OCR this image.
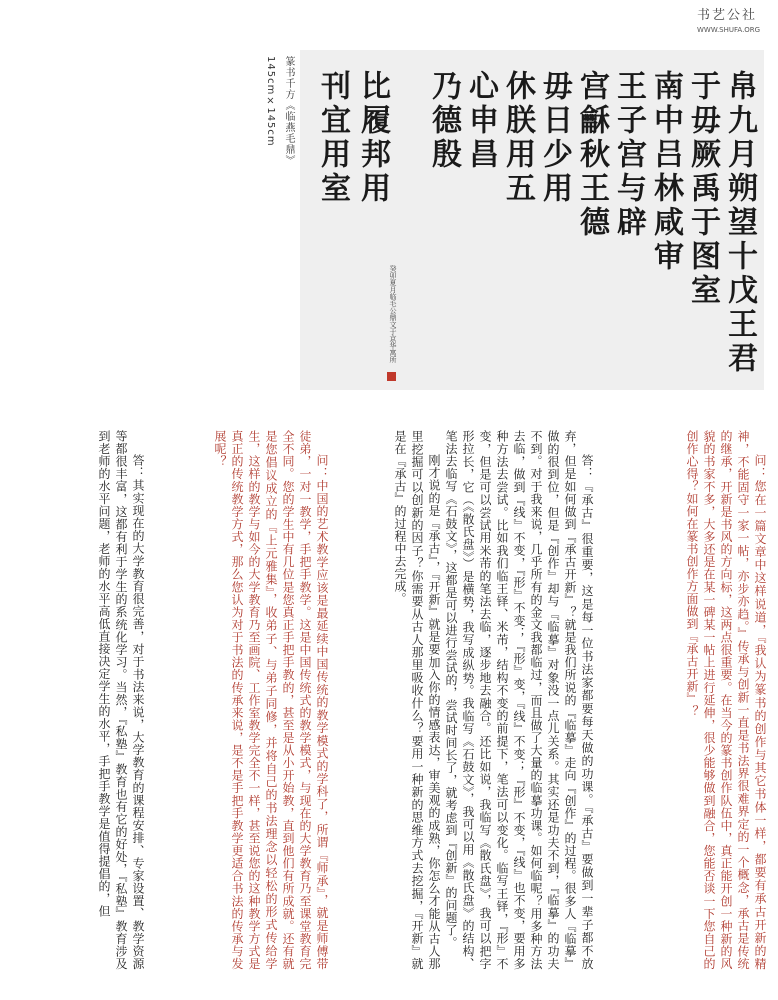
书艺公社
WWW.SHUFA.ORG
篆书千方《临燕毛鼎》
145cm×145cm	帛九月朔望十戊王君
于毋厥禹于图室
南中吕林咸审
王子宫与辟
宫龢秋王德
毋日少用
休朕用五
心申昌
乃德殷
比履邦用
刊宜用室
癸卯夏月临毛公鼎文于京华寓所

问：您在一篇文章中这样说道，『我认为篆书的创作与其它书体一样，都要有承古开新的精神，不能固守一家一帖，亦步亦趋。』传承与创新一直是书法界很难界定的一个概念，承古是传统的继承，开新是书风的方向标，这两点很重要。在当今的篆书创作队伍中，真正能开创一种新的风貌的书家不多，大多还是在某一碑某一帖上进行延伸，很少能够做到融合，您能否谈一下您自己的创作心得？如何在篆书创作方面做到『承古开新』？

答：『承古』很重要，这是每一位书法家都要每天做的功课。『承古』要做到一辈子都不放弃，但是如何做到『承古开新』？就是我们所说的『临摹』走向『创作』的过程。很多人『临摹』做的很到位，但是『创作』却与『临摹』对象没一点儿关系。其实还是功夫不到，『临摹』的功夫不到。对于我来说，几乎所有的金文我都临过，而且做了大量的临摹功课。如何临呢？用多种方法去临，做到『线』不变，『形』不变；『形』变，『线』不变；『形』不变，『线』也不变，要用多种方法去尝试。比如我们临王铎、米芾，结构不变的前提下，笔法可以变化。临写王铎，『形』不变，但是可以尝试用米芾的笔法去临，逐步地去融合。还比如说，我临写《散氏盘》，我可以把字形拉长，它（《散氏盘》）是横势，我写成纵势。我临写《石鼓文》，我可以用《散氏盘》的结构、笔法去临写《石鼓文》，这都是可以进行尝试的，尝试时间长了，就考虑到『创新』的问题了。

刚才说的是『承古』，『开新』就是要加入你的情感表达，审美观的成熟，你怎么才能从古人那里挖掘可以创新的因子？你需要从古人那里吸收什么？要用一种新的思维方式去挖掘，『开新』就是在『承古』的过程中去完成。

问：中国的艺术教学应该是最延续中国传统的教学模式的学科了，所谓『师承』，就是师傅带徒弟，一对一教学，手把手教学。这是中国传统式的教学模式，与现在的大学教育乃至课堂教育完全不同。您的学生中有几位是您真正手把手教的，甚至是从小开始教，直到他们有所成就。还有就是您倡议成立的『上元雅集』，收弟子、与弟子同修，并将自己的书法理念以轻松的形式传给学生，这样的教学与如今的大学教育乃至画院、工作室教学完全不一样，甚至说您的这种教学方式是真正的传统教学方式，那么您认为对于书法的传承来说，是不是手把手教学更适合书法的传承与发展呢？

答：其实现在的大学教育很完善，对于书法来说，大学教育的课程安排、专家设置、教学资源等都很丰富，这都有利于学生的系统化学习。当然，『私塾』教育也有它的好处，『私塾』教育涉及到老师的水平问题，老师的水平高低直接决定学生的水平，手把手教学是值得提倡的，但
